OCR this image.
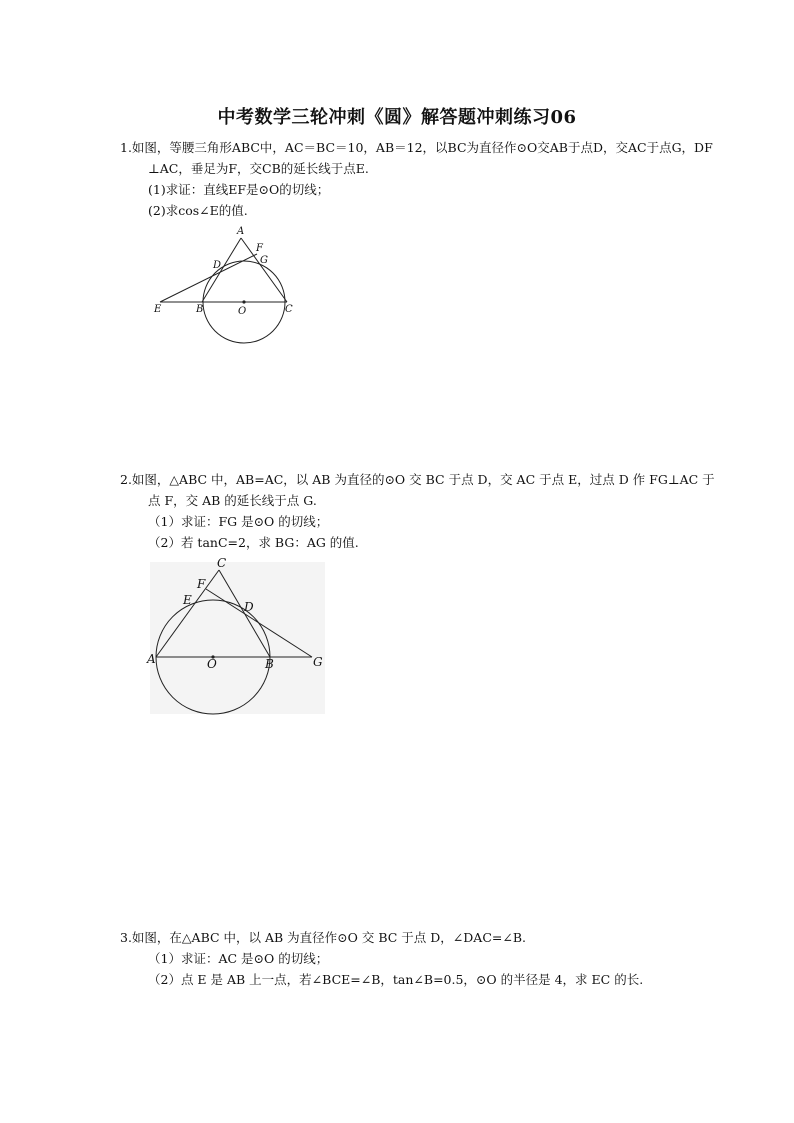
中考数学三轮冲刺《圆》解答题冲刺练习06
1.如图，等腰三角形ABC中，AC＝BC＝10，AB＝12，以BC为直径作⊙O交AB于点D，交AC于点G，DF
⊥AC，垂足为F，交CB的延长线于点E.
(1)求证：直线EF是⊙O的切线；
(2)求cos∠E的值.
A
F
D	G
E	B	O	C
2.如图，△ABC 中，AB=AC，以 AB 为直径的⊙O 交 BC 于点 D，交 AC 于点 E，过点 D 作 FG⊥AC 于
点 F，交 AB 的延长线于点 G.
（1）求证：FG 是⊙O 的切线；
（2）若 tanC=2，求 BG：AG 的值.
C
F
E	D
A	O	B	G
3.如图，在△ABC 中，以 AB 为直径作⊙O 交 BC 于点 D，∠DAC=∠B.
（1）求证：AC 是⊙O 的切线；
（2）点 E 是 AB 上一点，若∠BCE=∠B，tan∠B=0.5，⊙O 的半径是 4，求 EC 的长.
